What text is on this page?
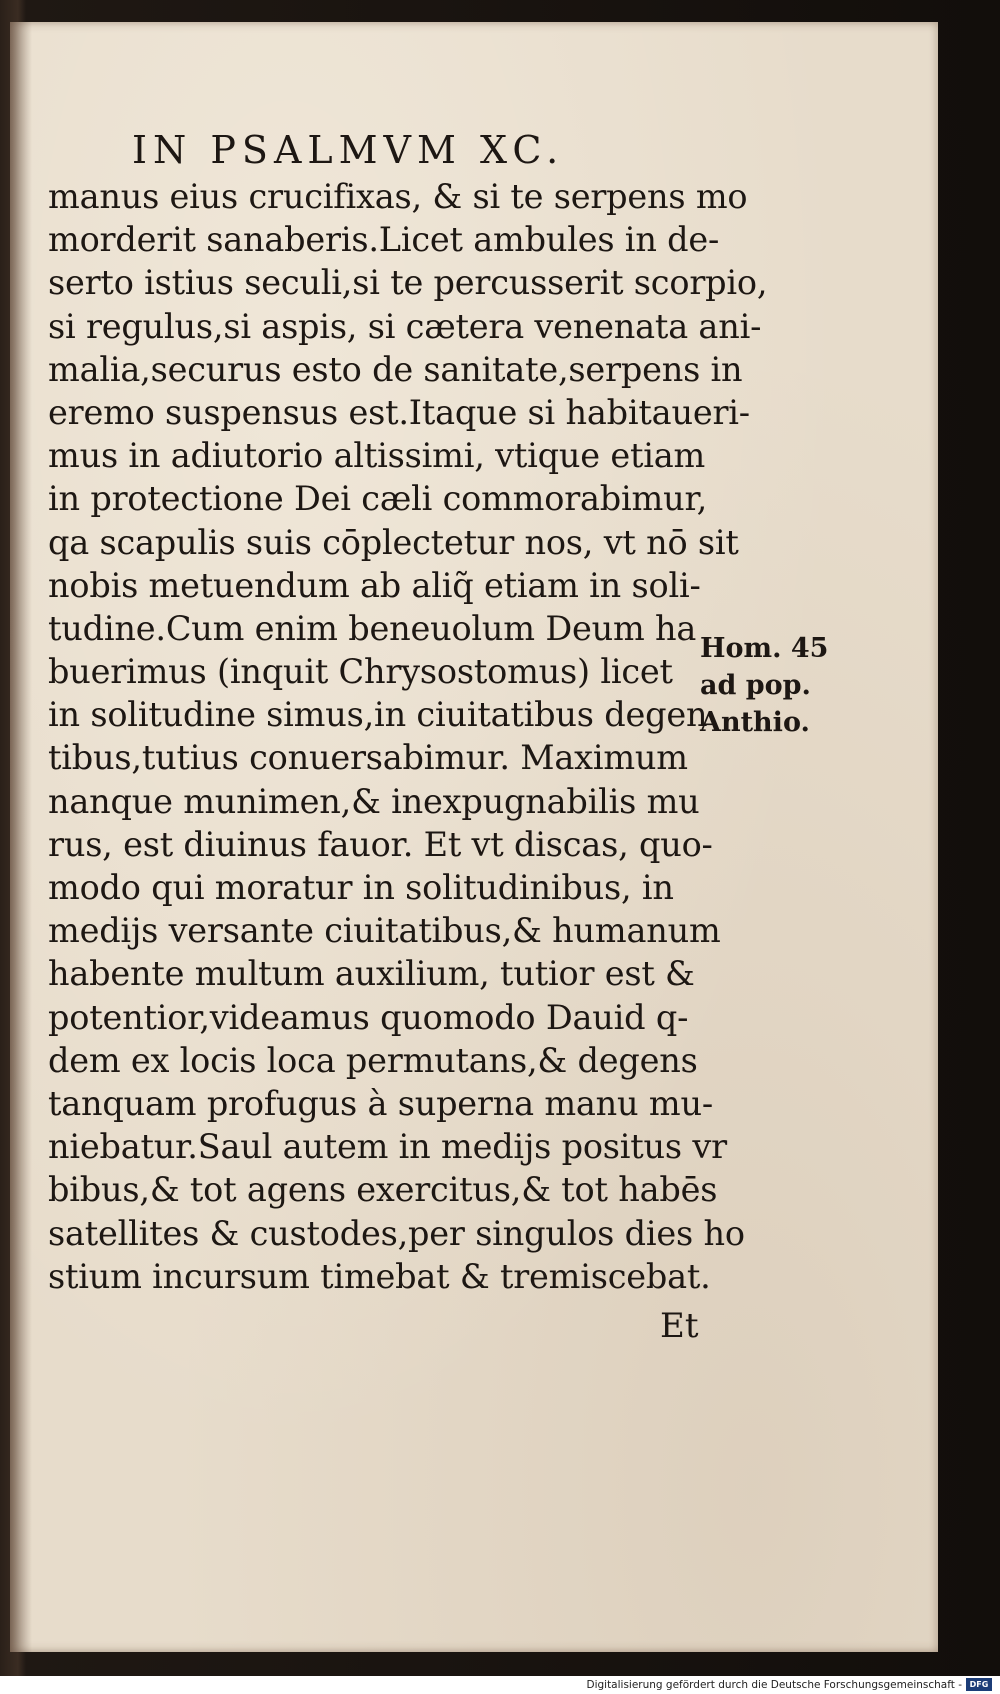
IN PSALMVM XC.
manus eius crucifixas, & si te serpens mo
morderit sanaberis.Licet ambules in de-
serto istius seculi,si te percusserit scorpio,
si regulus,si aspis, si cætera venenata ani-
malia,securus esto de sanitate,serpens in
eremo suspensus est.Itaque si habitaueri-
mus in adiutorio altissimi, vtique etiam
in protectione Dei cæli commorabimur,
qa scapulis suis cōplectetur nos, vt nō sit
nobis metuendum ab aliq̃ etiam in soli-
tudine.Cum enim beneuolum Deum ha
buerimus (inquit Chrysostomus) licet
in solitudine simus,in ciuitatibus degen
tibus,tutius conuersabimur. Maximum
nanque munimen,& inexpugnabilis mu
rus, est diuinus fauor. Et vt discas, quo-
modo qui moratur in solitudinibus, in
medijs versante ciuitatibus,& humanum
habente multum auxilium, tutior est &
potentior,videamus quomodo Dauid q-
dem ex locis loca permutans,& degens
tanquam profugus à superna manu mu-
niebatur.Saul autem in medijs positus vr
bibus,& tot agens exercitus,& tot habēs
satellites & custodes,per singulos dies ho
stium incursum timebat & tremiscebat.
Et
Hom. 45
ad pop.
Anthio.
Digitalisierung gefördert durch die Deutsche Forschungsgemeinschaft - DFG
